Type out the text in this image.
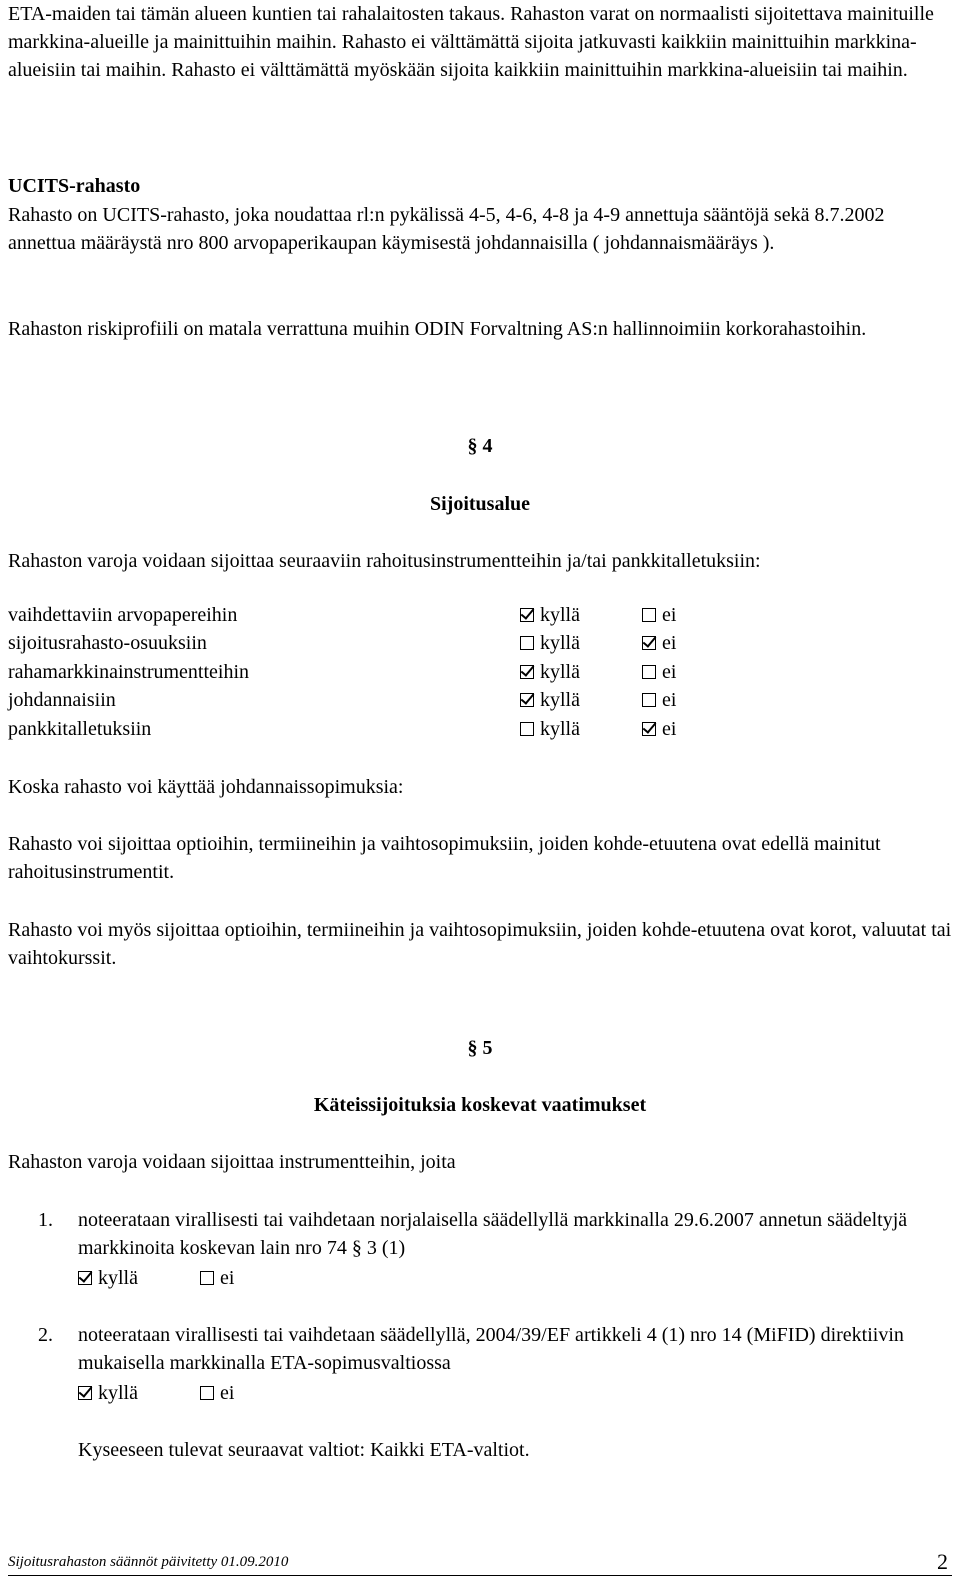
ETA-maiden tai tämän alueen kuntien tai rahalaitosten takaus. Rahaston varat on normaalisti sijoitettava mainituille markkina-alueille ja mainittuihin maihin. Rahasto ei välttämättä sijoita jatkuvasti kaikkiin mainittuihin markkina-alueisiin tai maihin. Rahasto ei välttämättä myöskään sijoita kaikkiin mainittuihin markkina-alueisiin tai maihin.

UCITS-rahasto

Rahasto on UCITS-rahasto, joka noudattaa rl:n pykälissä 4-5, 4-6, 4-8 ja 4-9 annettuja sääntöjä sekä 8.7.2002 annettua määräystä nro 800 arvopaperikaupan käymisestä johdannaisilla ( johdannaismääräys ).

Rahaston riskiprofiili on matala verrattuna muihin ODIN Forvaltning AS:n hallinnoimiin korkorahastoihin.

§ 4

Sijoitusalue

Rahaston varoja voidaan sijoittaa seuraaviin rahoitusinstrumentteihin ja/tai pankkitalletuksiin:

vaihdettaviin arvopapereihin	kyllä	ei
sijoitusrahasto-osuuksiin	kyllä	ei
rahamarkkinainstrumentteihin	kyllä	ei
johdannaisiin	kyllä	ei
pankkitalletuksiin	kyllä	ei

Koska rahasto voi käyttää johdannaissopimuksia:

Rahasto voi sijoittaa optioihin, termiineihin ja vaihtosopimuksiin, joiden kohde-etuutena ovat edellä mainitut rahoitusinstrumentit.

Rahasto voi myös sijoittaa optioihin, termiineihin ja vaihtosopimuksiin, joiden kohde-etuutena ovat korot, valuutat tai vaihtokurssit.

§ 5

Käteissijoituksia koskevat vaatimukset

Rahaston varoja voidaan sijoittaa instrumentteihin, joita

1. noteerataan virallisesti tai vaihdetaan norjalaisella säädellyllä markkinalla 29.6.2007 annetun säädeltyjä markkinoita koskevan lain nro 74 § 3 (1)

kyllä	ei
2. noteerataan virallisesti tai vaihdetaan säädellyllä, 2004/39/EF artikkeli 4 (1) nro 14 (MiFID) direktiivin mukaisella markkinalla ETA-sopimusvaltiossa

kyllä	ei

Kyseeseen tulevat seuraavat valtiot: Kaikki ETA-valtiot.

Sijoitusrahaston säännöt päivitetty 01.09.2010	2
